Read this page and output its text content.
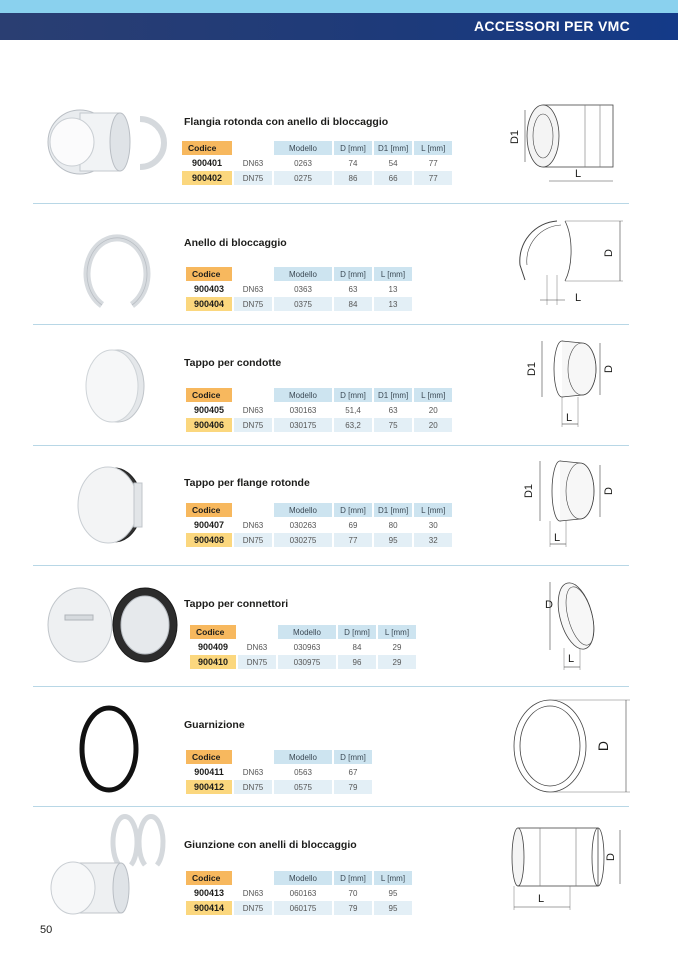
ACCESSORI PER VMC
Flangia rotonda con anello di bloccaggio
Codice		Modello	D [mm]	D1 [mm]	L [mm]
900401	DN63	0263	74	54	77
900402	DN75	0275	86	66	77
D1
L
Anello di bloccaggio
Codice		Modello	D [mm]	L [mm]
900403	DN63	0363	63	13
900404	DN75	0375	84	13
D
L
Tappo per condotte
Codice		Modello	D [mm]	D1 [mm]	L [mm]
900405	DN63	030163	51,4	63	20
900406	DN75	030175	63,2	75	20
D1	D
L
Tappo per flange rotonde
Codice		Modello	D [mm]	D1 [mm]	L [mm]
900407	DN63	030263	69	80	30
900408	DN75	030275	77	95	32
D1	D
L
Tappo per connettori
Codice		Modello	D [mm]	L [mm]
900409	DN63	030963	84	29
900410	DN75	030975	96	29
D
L
Guarnizione
Codice		Modello	D [mm]
900411	DN63	0563	67
900412	DN75	0575	79
D
Giunzione con anelli di bloccaggio
Codice		Modello	D [mm]	L [mm]
900413	DN63	060163	70	95
900414	DN75	060175	79	95
D
L
50
